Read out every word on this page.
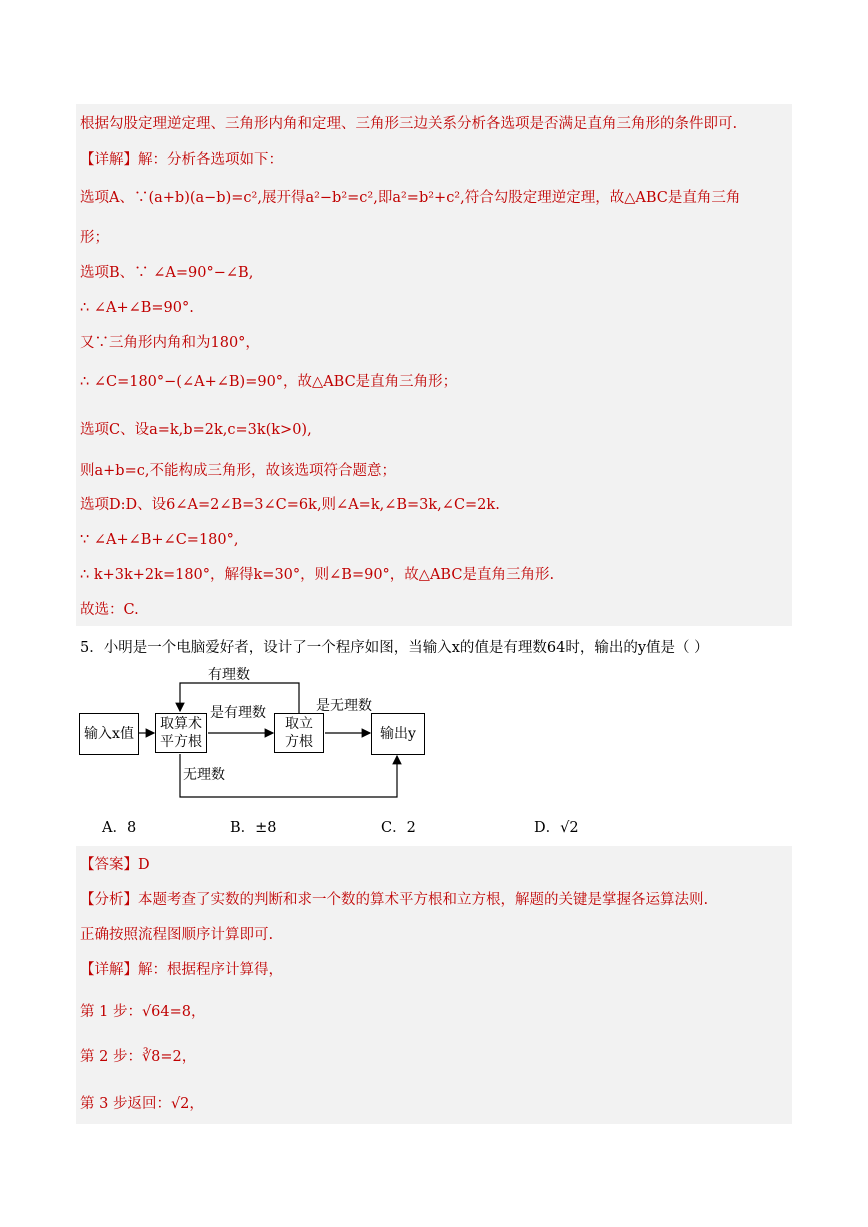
根据勾股定理逆定理、三角形内角和定理、三角形三边关系分析各选项是否满足直角三角形的条件即可.
【详解】解：分析各选项如下：
选项A、∵(a+b)(a−b)=c²,展开得a²−b²=c²,即a²=b²+c²,符合勾股定理逆定理，故△ABC是直角三角
形；
选项B、∵ ∠A=90°−∠B,
∴ ∠A+∠B=90°.
又∵三角形内角和为180°，
∴ ∠C=180°−(∠A+∠B)=90°，故△ABC是直角三角形；
选项C、设a=k,b=2k,c=3k(k>0),
则a+b=c,不能构成三角形，故该选项符合题意；
选项D:D、设6∠A=2∠B=3∠C=6k,则∠A=k,∠B=3k,∠C=2k.
∵ ∠A+∠B+∠C=180°,
∴ k+3k+2k=180°，解得k=30°，则∠B=90°，故△ABC是直角三角形.
故选：C.
5．小明是一个电脑爱好者，设计了一个程序如图，当输入x的值是有理数64时，输出的y值是（ ）
输入x值
取算术平方根
取立方根	输出y
有理数
是有理数	是无理数
无理数
A．8	B．±8	C．2	D．√2
【答案】D
【分析】本题考查了实数的判断和求一个数的算术平方根和立方根，解题的关键是掌握各运算法则.
正确按照流程图顺序计算即可.
【详解】解：根据程序计算得，
第 1 步：√64=8，
第 2 步：∛8=2，
第 3 步返回：√2，
